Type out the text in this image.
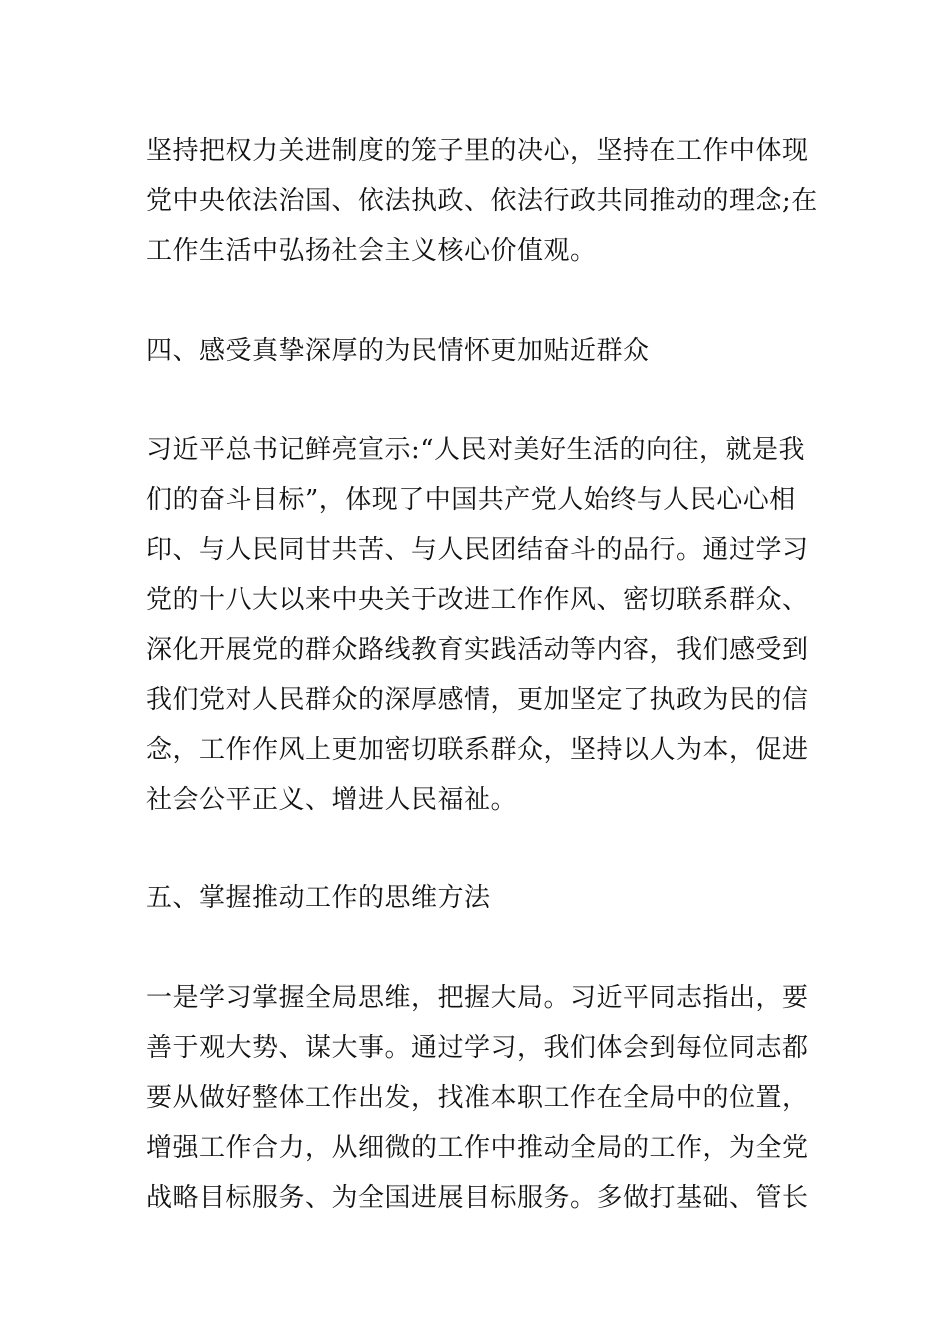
坚持把权力关进制度的笼子里的决心，坚持在工作中体现

党中央依法治国、依法执政、依法行政共同推动的理念;在

工作生活中弘扬社会主义核心价值观。

四、感受真挚深厚的为民情怀更加贴近群众

习近平总书记鲜亮宣示:“人民对美好生活的向往，就是我

们的奋斗目标”，体现了中国共产党人始终与人民心心相

印、与人民同甘共苦、与人民团结奋斗的品行。通过学习

党的十八大以来中央关于改进工作作风、密切联系群众、

深化开展党的群众路线教育实践活动等内容，我们感受到

我们党对人民群众的深厚感情，更加坚定了执政为民的信

念，工作作风上更加密切联系群众，坚持以人为本，促进

社会公平正义、增进人民福祉。

五、掌握推动工作的思维方法

一是学习掌握全局思维，把握大局。习近平同志指出，要

善于观大势、谋大事。通过学习，我们体会到每位同志都

要从做好整体工作出发，找准本职工作在全局中的位置，

增强工作合力，从细微的工作中推动全局的工作，为全党

战略目标服务、为全国进展目标服务。多做打基础、管长
